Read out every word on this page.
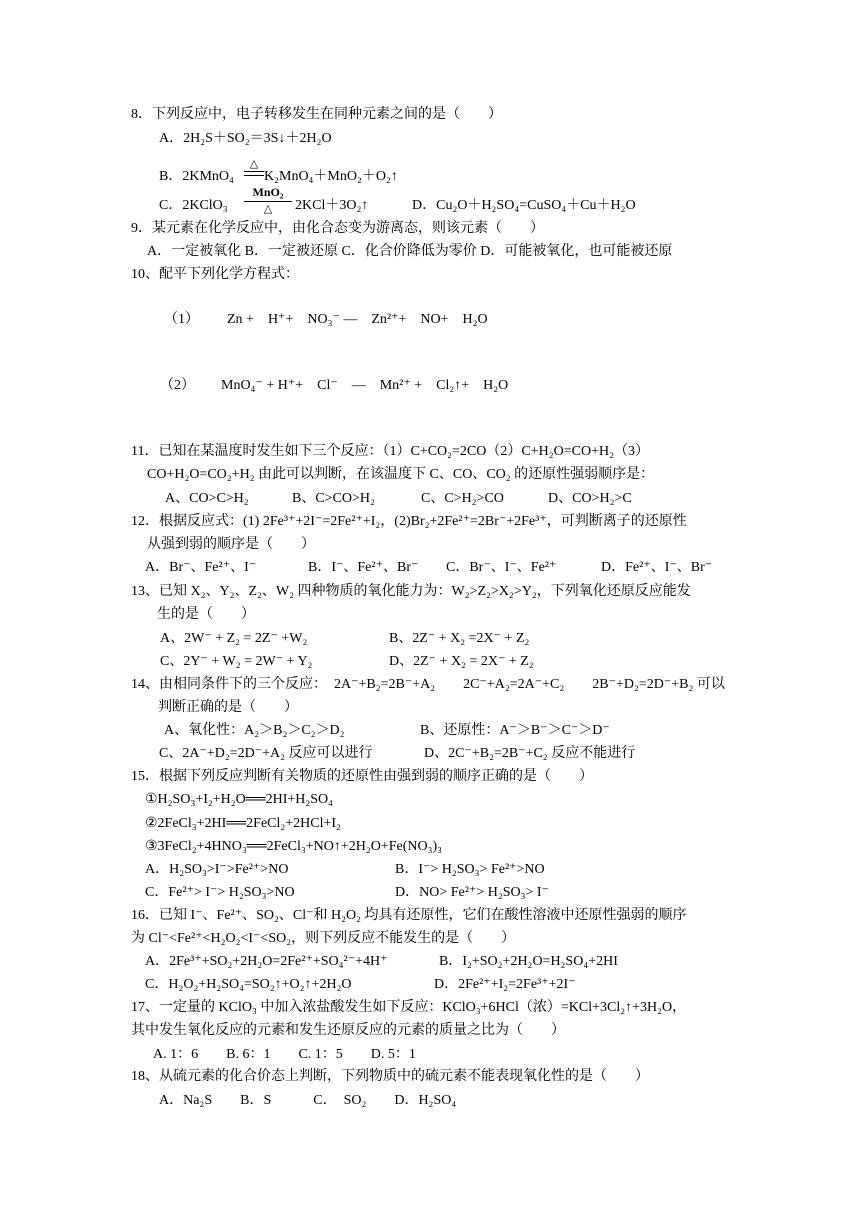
8．下列反应中，电子转移发生在同种元素之间的是（　　）
A．2H₂S＋SO₂＝3S↓＋2H₂O
B．2KMnO₄
△
K₂MnO₄＋MnO₂＋O₂↑
C．2KClO₃
MnO₂
△	2KCl＋3O₂↑	D．Cu₂O＋H₂SO₄=CuSO₄＋Cu＋H₂O
9．某元素在化学反应中，由化合态变为游离态，则该元素（　　）
A．一定被氧化 B．一定被还原 C．化合价降低为零价 D．可能被氧化，也可能被还原
10、配平下列化学方程式：
（1） Zn +　H⁺+　NO₃⁻ —　Zn²⁺+　NO+　H₂O
（2） MnO₄⁻ + H⁺+　Cl⁻　—　Mn²⁺ +　Cl₂↑+　H₂O
11．已知在某温度时发生如下三个反应：（1）C+CO₂=2CO（2）C+H₂O=CO+H₂（3）
CO+H₂O=CO₂+H₂ 由此可以判断，在该温度下 C、CO、CO₂ 的还原性强弱顺序是：
A、CO>C>H₂	B、C>CO>H₂	C、C>H₂>CO	D、CO>H₂>C
12．根据反应式：(1) 2Fe³⁺+2I⁻=2Fe²⁺+I₂，(2)Br₂+2Fe²⁺=2Br⁻+2Fe³⁺，可判断离子的还原性
从强到弱的顺序是（　　）
A．Br⁻、Fe²⁺、I⁻	B．I⁻、Fe²⁺、Br⁻ C．Br⁻、I⁻、Fe²⁺	D．Fe²⁺、I⁻、Br⁻
13、已知 X₂、Y₂、Z₂、W₂ 四种物质的氧化能力为：W₂>Z₂>X₂>Y₂，下列氧化还原反应能发
生的是（　　）
A、2W⁻ + Z₂ = 2Z⁻ +W₂	B、2Z⁻ + X₂ =2X⁻ + Z₂
C、2Y⁻ + W₂ = 2W⁻ + Y₂	D、2Z⁻ + X₂ = 2X⁻ + Z₂
14、由相同条件下的三个反应：　2A⁻+B₂=2B⁻+A₂　　2C⁻+A₂=2A⁻+C₂　　2B⁻+D₂=2D⁻+B₂ 可以
判断正确的是（　　）
A、氧化性：A₂＞B₂＞C₂＞D₂	B、还原性：A⁻＞B⁻＞C⁻＞D⁻
C、2A⁻+D₂=2D⁻+A₂ 反应可以进行	D、2C⁻+B₂=2B⁻+C₂ 反应不能进行
15．根据下列反应判断有关物质的还原性由强到弱的顺序正确的是（　　）
①H₂SO₃+I₂+H₂O══2HI+H₂SO₄
②2FeCl₃+2HI══2FeCl₂+2HCl+I₂
③3FeCl₂+4HNO₃══2FeCl₃+NO↑+2H₂O+Fe(NO₃)₃
A．H₂SO₃>I⁻>Fe²⁺>NO	B．I⁻> H₂SO₃> Fe²⁺>NO
C．Fe²⁺> I⁻> H₂SO₃>NO	D．NO> Fe²⁺> H₂SO₃> I⁻
16．已知 I⁻、Fe²⁺、SO₂、Cl⁻和 H₂O₂ 均具有还原性，它们在酸性溶液中还原性强弱的顺序
为 Cl⁻<Fe²⁺<H₂O₂<I⁻<SO₂，则下列反应不能发生的是（　　）
A．2Fe³⁺+SO₂+2H₂O=2Fe²⁺+SO₄²⁻+4H⁺	B．I₂+SO₂+2H₂O=H₂SO₄+2HI
C．H₂O₂+H₂SO₄=SO₂↑+O₂↑+2H₂O	D．2Fe²⁺+I₂=2Fe³⁺+2I⁻
17、一定量的 KClO₃ 中加入浓盐酸发生如下反应：KClO₃+6HCl（浓）=KCl+3Cl₂↑+3H₂O，
其中发生氧化反应的元素和发生还原反应的元素的质量之比为（　　）
A. 1：6　　B. 6：1　　C. 1：5　　D. 5：1
18、从硫元素的化合价态上判断，下列物质中的硫元素不能表现氧化性的是（　　）
A．Na₂S　　B．S　　　C．　SO₂　　D．H₂SO₄
